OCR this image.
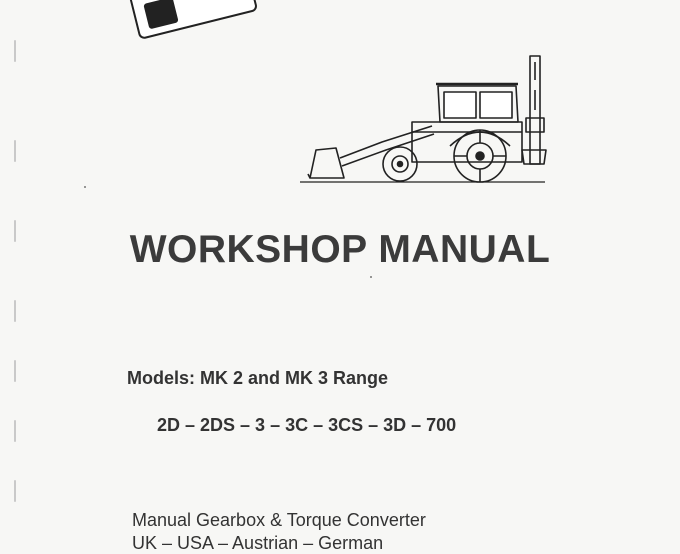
WORKSHOP MANUAL
Models: MK 2 and MK 3 Range
2D – 2DS – 3 – 3C – 3CS – 3D – 700
Manual Gearbox & Torque Converter
UK – USA – Austrian – German
